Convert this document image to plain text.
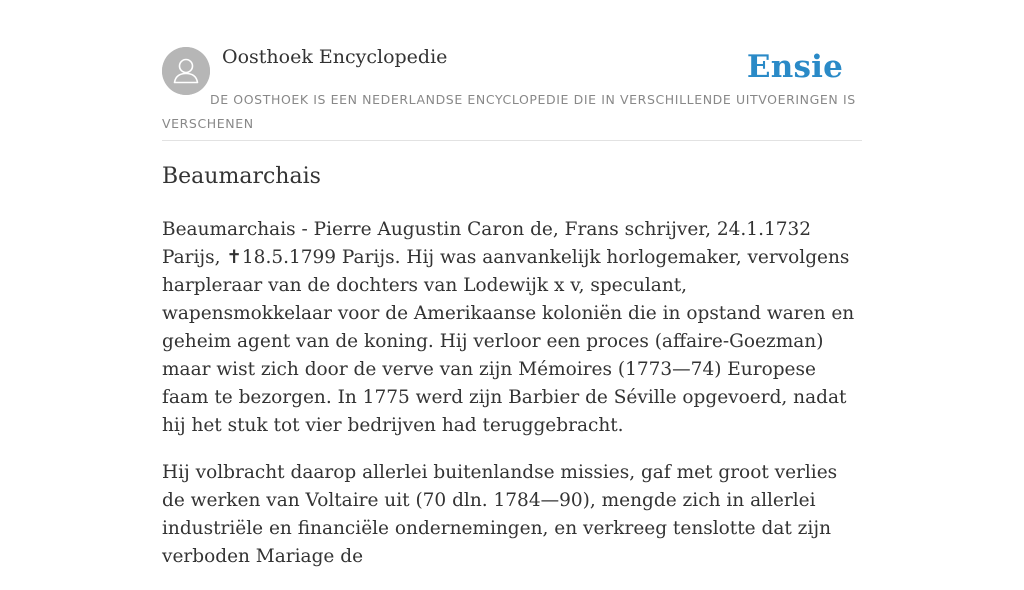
Oosthoek Encyclopedie	Ensie
DE OOSTHOEK IS EEN NEDERLANDSE ENCYCLOPEDIE DIE IN VERSCHILLENDE UITVOERINGEN IS VERSCHENEN
Beaumarchais

Beaumarchais - Pierre Augustin Caron de, Frans schrijver, 24.1.1732 Parijs, ✝18.5.1799 Parijs. Hij was aanvankelijk horlogemaker, vervolgens harpleraar van de dochters van Lodewijk x v, speculant, wapensmokkelaar voor de Amerikaanse koloniën die in opstand waren en geheim agent van de koning. Hij verloor een proces (affaire-Goezman) maar wist zich door de verve van zijn Mémoires (1773—74) Europese faam te bezorgen. In 1775 werd zijn Barbier de Séville opgevoerd, nadat hij het stuk tot vier bedrijven had teruggebracht.

Hij volbracht daarop allerlei buitenlandse missies, gaf met groot verlies de werken van Voltaire uit (70 dln. 1784—90), mengde zich in allerlei industriële en financiële ondernemingen, en verkreeg tenslotte dat zijn verboden Mariage de
